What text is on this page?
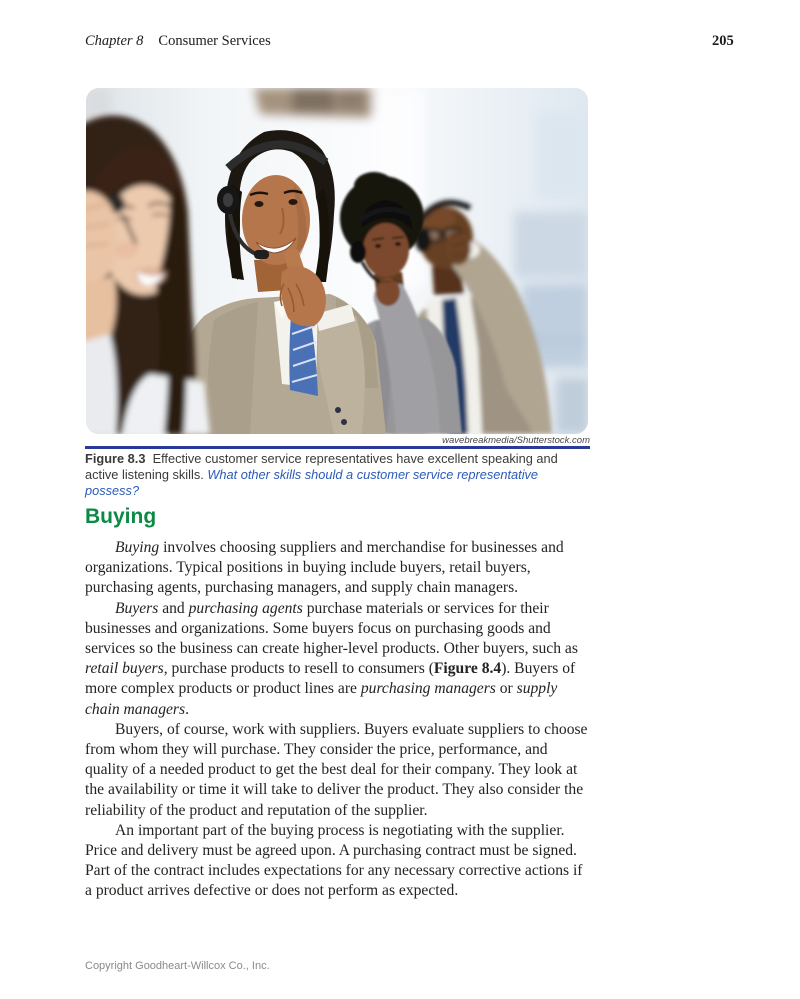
Chapter 8 Consumer Services	205
wavebreakmedia/Shutterstock.com

Figure 8.3  Effective customer service representatives have excellent speaking and active listening skills. What other skills should a customer service representative possess?

Buying

Buying involves choosing suppliers and merchandise for businesses and organizations. Typical positions in buying include buyers, retail buyers, purchasing agents, purchasing managers, and supply chain managers.

Buyers and purchasing agents purchase materials or services for their businesses and organizations. Some buyers focus on purchasing goods and services so the business can create higher-level products. Other buyers, such as retail buyers, purchase products to resell to consumers (Figure 8.4). Buyers of more complex products or product lines are purchasing managers or supply chain managers.

Buyers, of course, work with suppliers. Buyers evaluate suppliers to choose from whom they will purchase. They consider the price, performance, and quality of a needed product to get the best deal for their company. They look at the availability or time it will take to deliver the product. They also consider the reliability of the product and reputation of the supplier.

An important part of the buying process is negotiating with the supplier. Price and delivery must be agreed upon. A purchasing contract must be signed. Part of the contract includes expectations for any necessary corrective actions if a product arrives defective or does not perform as expected.

Copyright Goodheart-Willcox Co., Inc.
